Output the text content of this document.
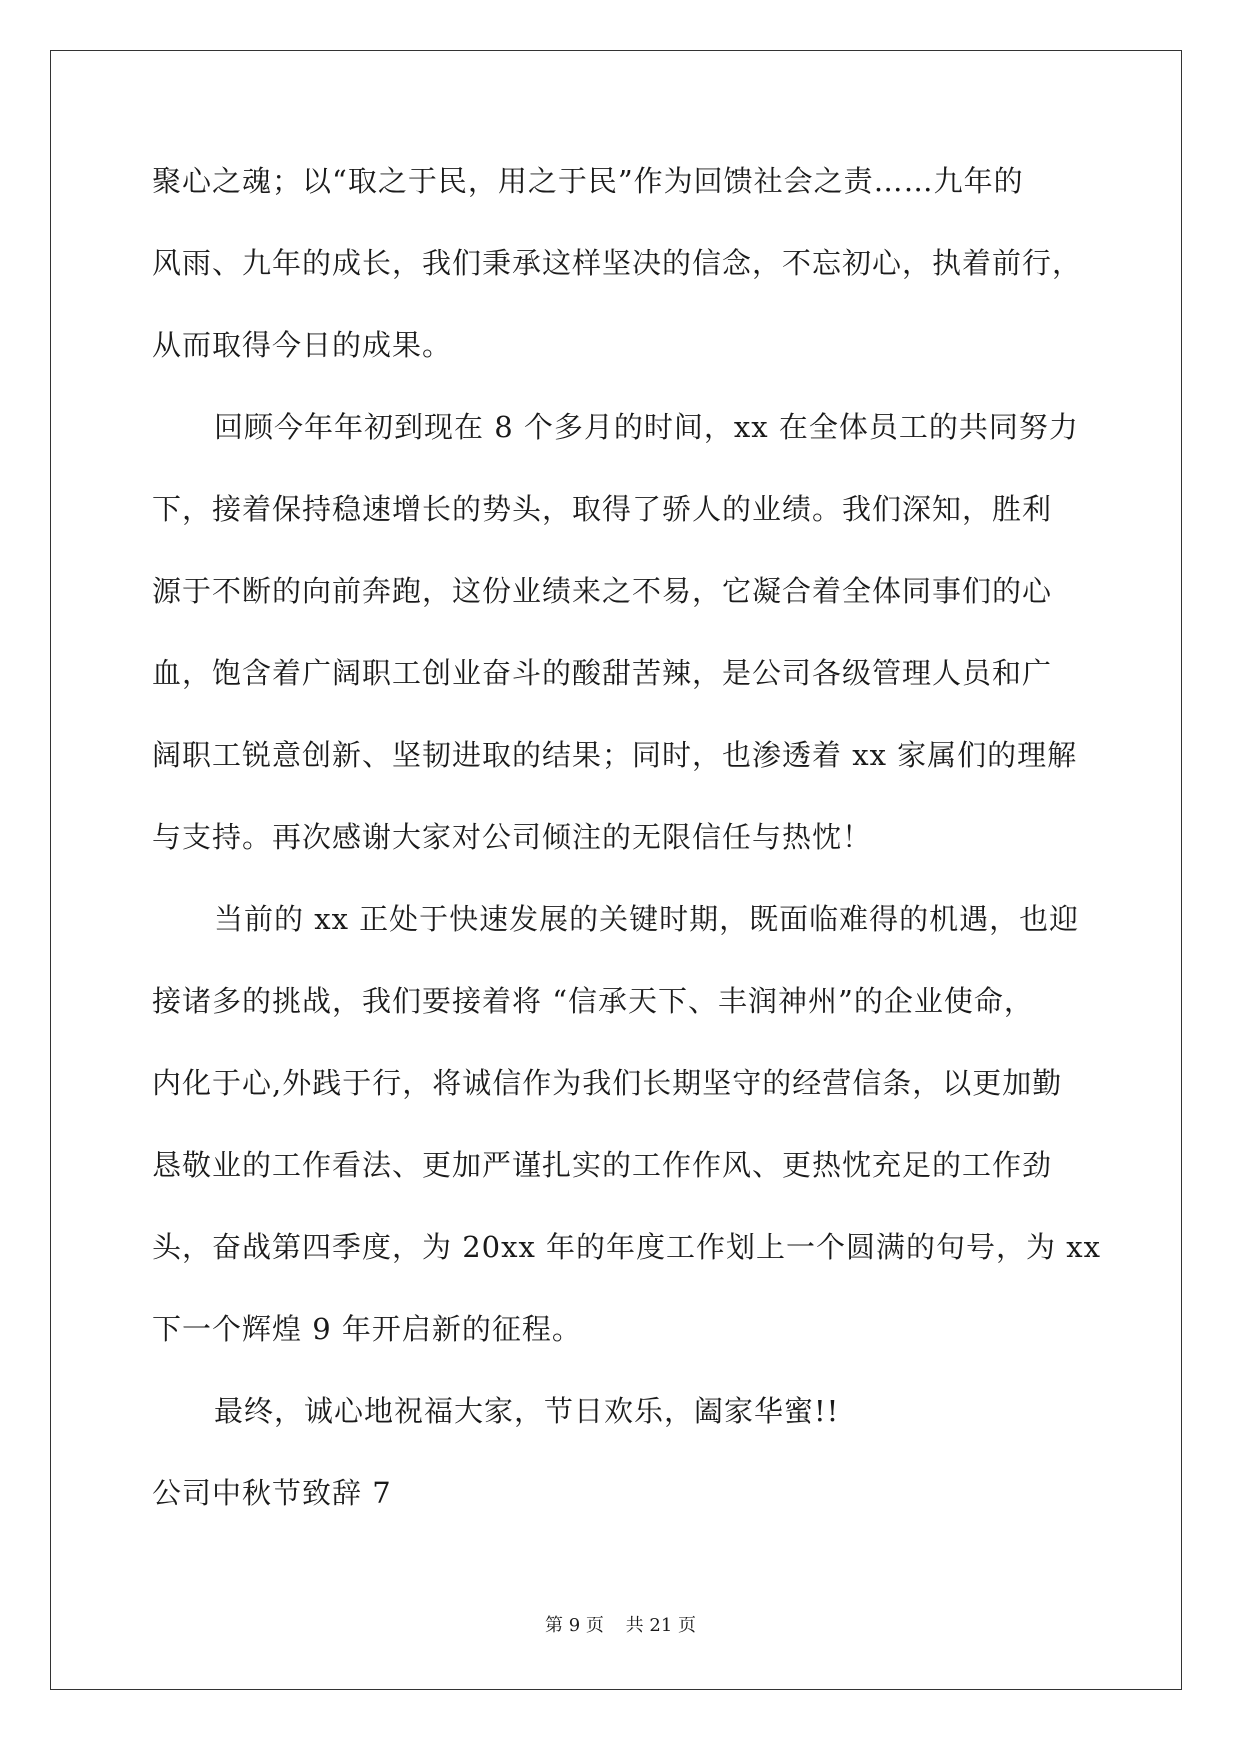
聚心之魂；以“取之于民，用之于民”作为回馈社会之责……九年的
风雨、九年的成长，我们秉承这样坚决的信念，不忘初心，执着前行，
从而取得今日的成果。
回顾今年年初到现在 8 个多月的时间，xx 在全体员工的共同努力
下，接着保持稳速增长的势头，取得了骄人的业绩。我们深知，胜利
源于不断的向前奔跑，这份业绩来之不易，它凝合着全体同事们的心
血，饱含着广阔职工创业奋斗的酸甜苦辣，是公司各级管理人员和广
阔职工锐意创新、坚韧进取的结果；同时，也渗透着 xx 家属们的理解
与支持。再次感谢大家对公司倾注的无限信任与热忱！
当前的 xx 正处于快速发展的关键时期，既面临难得的机遇，也迎
接诸多的挑战，我们要接着将 “信承天下、丰润神州”的企业使命，
内化于心,外践于行，将诚信作为我们长期坚守的经营信条，以更加勤
恳敬业的工作看法、更加严谨扎实的工作作风、更热忱充足的工作劲
头，奋战第四季度，为 20xx 年的年度工作划上一个圆满的句号，为 xx
下一个辉煌 9 年开启新的征程。
最终，诚心地祝福大家，节日欢乐，阖家华蜜!!
公司中秋节致辞 7
第 9 页 共 21 页
